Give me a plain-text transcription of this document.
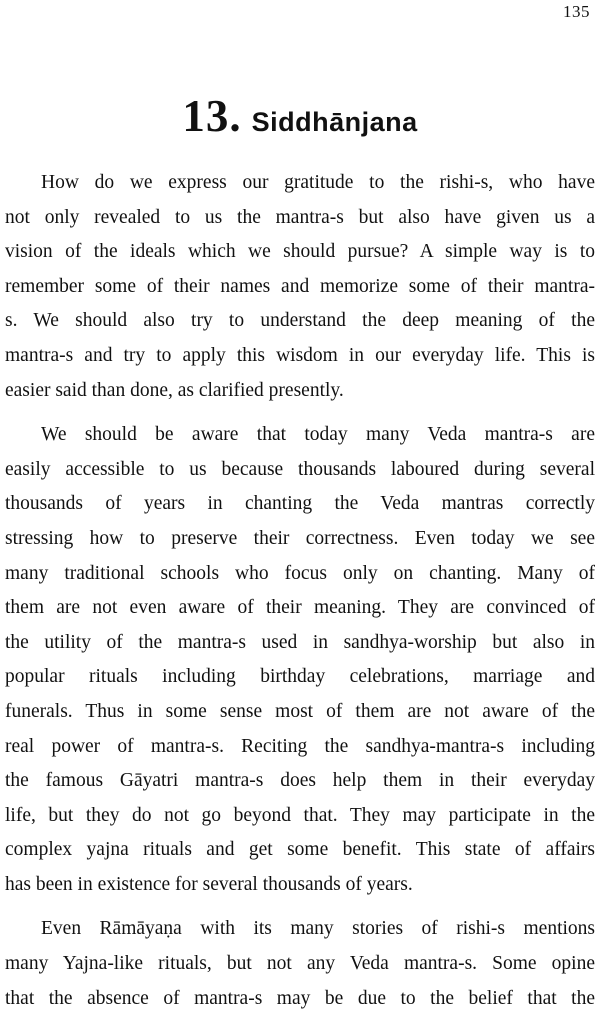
135
13. Siddhānjana
How do we express our gratitude to the rishi-s, who have
not only revealed to us the mantra-s but also have given us a
vision of the ideals which we should pursue? A simple way is to
remember some of their names and memorize some of their mantra-
s. We should also try to understand the deep meaning of the
mantra-s and try to apply this wisdom in our everyday life. This is
easier said than done, as clarified presently.
We should be aware that today many Veda mantra-s are
easily accessible to us because thousands laboured during several
thousands of years in chanting the Veda mantras correctly
stressing how to preserve their correctness. Even today we see
many traditional schools who focus only on chanting. Many of
them are not even aware of their meaning. They are convinced of
the utility of the mantra-s used in sandhya-worship but also in
popular rituals including birthday celebrations, marriage and
funerals. Thus in some sense most of them are not aware of the
real power of mantra-s. Reciting the sandhya-mantra-s including
the famous Gāyatri mantra-s does help them in their everyday
life, but they do not go beyond that. They may participate in the
complex yajna rituals and get some benefit. This state of affairs
has been in existence for several thousands of years.
Even Rāmāyaṇa with its many stories of rishi-s mentions
many Yajna-like rituals, but not any Veda mantra-s. Some opine
that the absence of mantra-s may be due to the belief that the
